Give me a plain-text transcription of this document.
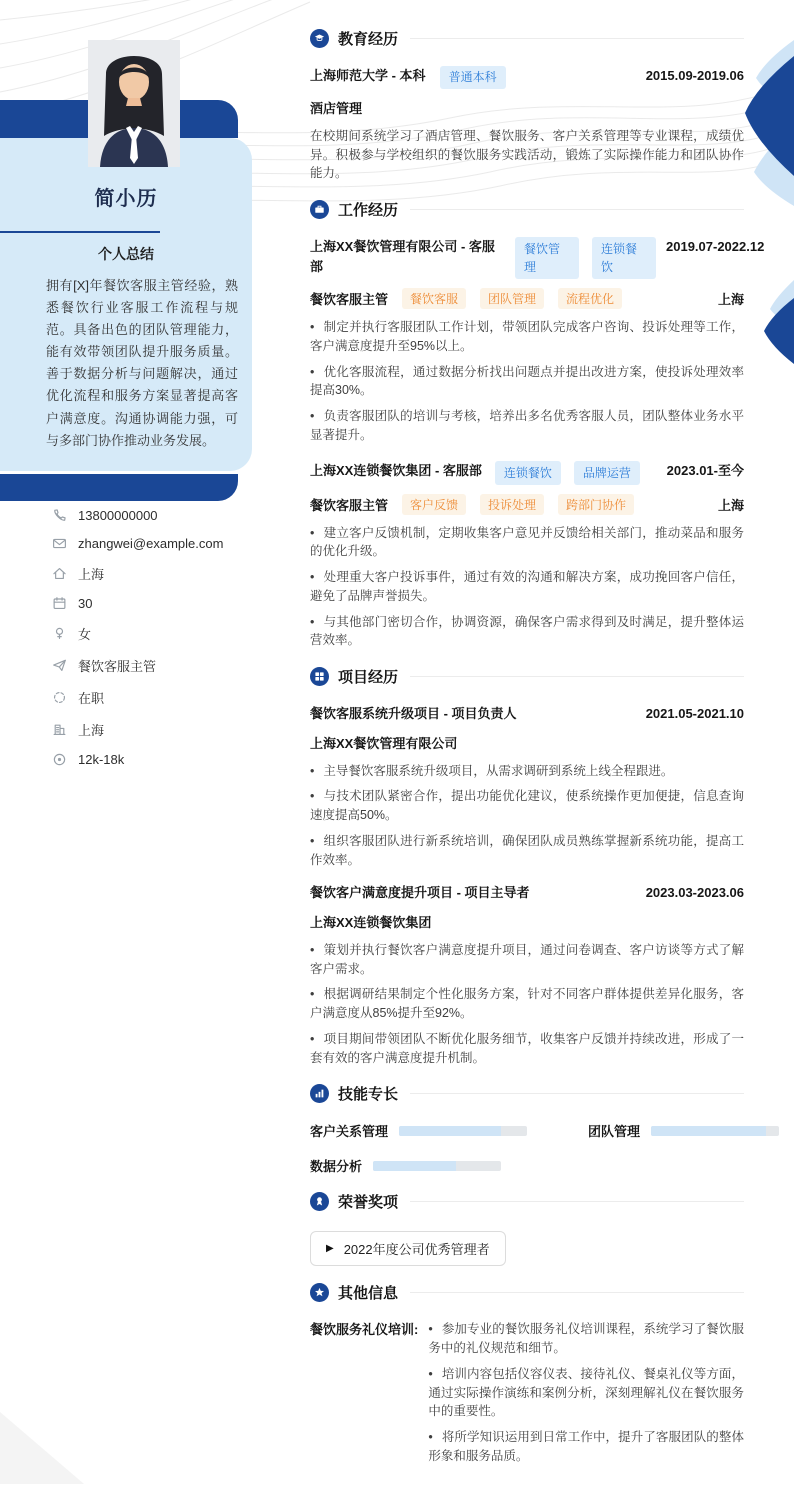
简小历
个人总结
拥有[X]年餐饮客服主管经验，熟悉餐饮行业客服工作流程与规范。具备出色的团队管理能力，能有效带领团队提升服务质量。善于数据分析与问题解决，通过优化流程和服务方案显著提高客户满意度。沟通协调能力强，可与多部门协作推动业务发展。
13800000000
zhangwei@example.com
上海
30
女
餐饮客服主管
在职
上海
12k-18k
教育经历
上海师范大学 - 本科	普通本科	2015.09-2019.06
酒店管理
在校期间系统学习了酒店管理、餐饮服务、客户关系管理等专业课程，成绩优异。积极参与学校组织的餐饮服务实践活动，锻炼了实际操作能力和团队协作能力。
工作经历
上海XX餐饮管理有限公司 - 客服部
餐饮管理
连锁餐饮
2019.07-2022.12
餐饮客服主管	餐饮客服	团队管理	流程优化	上海
• 制定并执行客服团队工作计划，带领团队完成客户咨询、投诉处理等工作，客户满意度提升至95%以上。
• 优化客服流程，通过数据分析找出问题点并提出改进方案，使投诉处理效率提高30%。
• 负责客服团队的培训与考核，培养出多名优秀客服人员，团队整体业务水平显著提升。
上海XX连锁餐饮集团 - 客服部	连锁餐饮	品牌运营	2023.01-至今
餐饮客服主管	客户反馈	投诉处理	跨部门协作	上海
• 建立客户反馈机制，定期收集客户意见并反馈给相关部门，推动菜品和服务的优化升级。
• 处理重大客户投诉事件，通过有效的沟通和解决方案，成功挽回客户信任，避免了品牌声誉损失。
• 与其他部门密切合作，协调资源，确保客户需求得到及时满足，提升整体运营效率。
项目经历
餐饮客服系统升级项目 - 项目负责人	2021.05-2021.10
上海XX餐饮管理有限公司
• 主导餐饮客服系统升级项目，从需求调研到系统上线全程跟进。
• 与技术团队紧密合作，提出功能优化建议，使系统操作更加便捷，信息查询速度提高50%。
• 组织客服团队进行新系统培训，确保团队成员熟练掌握新系统功能，提高工作效率。
餐饮客户满意度提升项目 - 项目主导者	2023.03-2023.06
上海XX连锁餐饮集团
• 策划并执行餐饮客户满意度提升项目，通过问卷调查、客户访谈等方式了解客户需求。
• 根据调研结果制定个性化服务方案，针对不同客户群体提供差异化服务，客户满意度从85%提升至92%。
• 项目期间带领团队不断优化服务细节，收集客户反馈并持续改进，形成了一套有效的客户满意度提升机制。
技能专长
客户关系管理	团队管理
数据分析
荣誉奖项
▶
2022年度公司优秀管理者
其他信息
餐饮服务礼仪培训:	• 参加专业的餐饮服务礼仪培训课程，系统学习了餐饮服务中的礼仪规范和细节。
• 培训内容包括仪容仪表、接待礼仪、餐桌礼仪等方面，通过实际操作演练和案例分析，深刻理解礼仪在餐饮服务中的重要性。
• 将所学知识运用到日常工作中，提升了客服团队的整体形象和服务品质。
